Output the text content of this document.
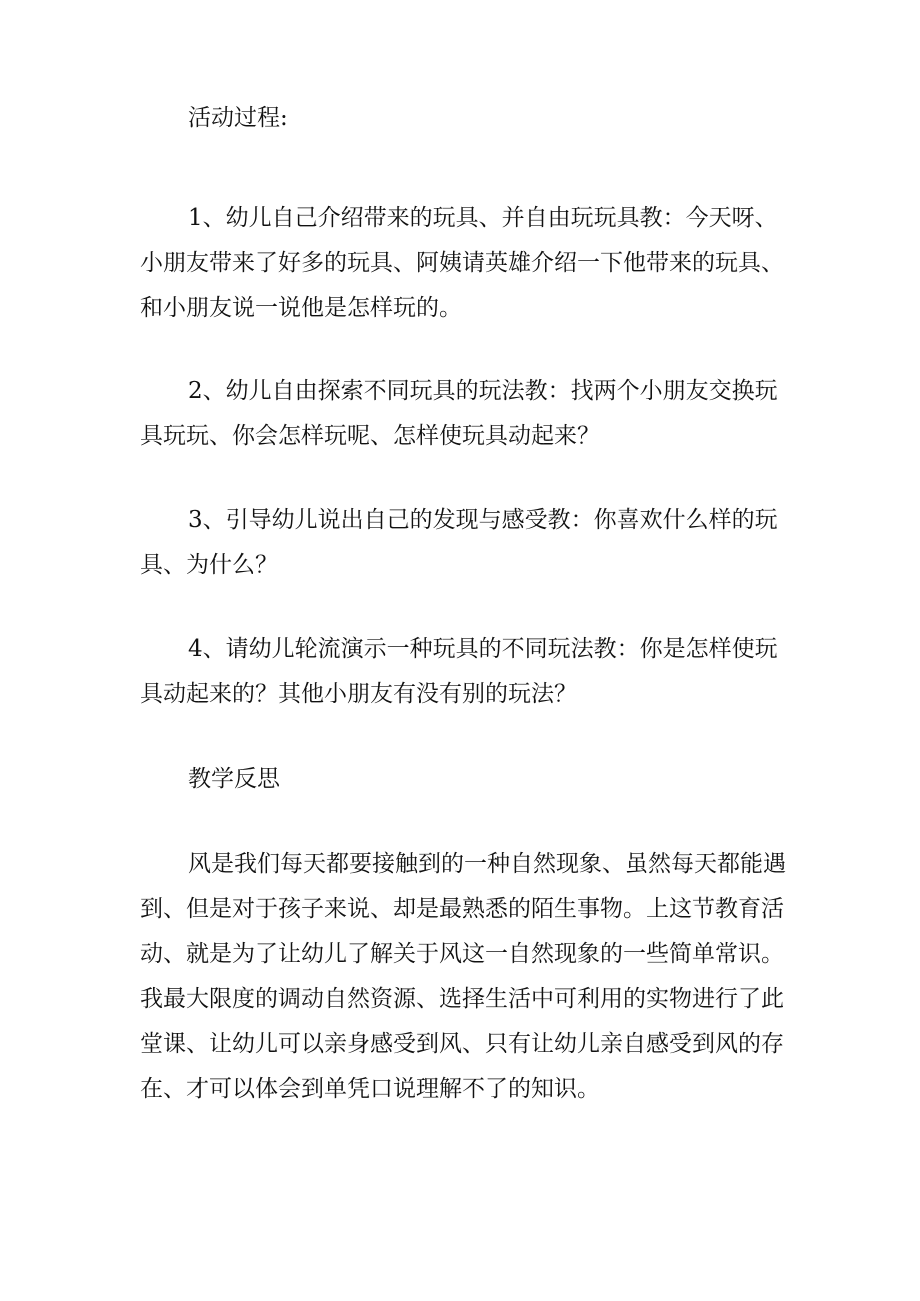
活动过程:

1、幼儿自己介绍带来的玩具、并自由玩玩具教：今天呀、
小朋友带来了好多的玩具、阿姨请英雄介绍一下他带来的玩具、
和小朋友说一说他是怎样玩的。

2、幼儿自由探索不同玩具的玩法教：找两个小朋友交换玩
具玩玩、你会怎样玩呢、怎样使玩具动起来？

3、引导幼儿说出自己的发现与感受教：你喜欢什么样的玩
具、为什么？

4、请幼儿轮流演示一种玩具的不同玩法教：你是怎样使玩
具动起来的？其他小朋友有没有别的玩法？

教学反思

风是我们每天都要接触到的一种自然现象、虽然每天都能遇
到、但是对于孩子来说、却是最熟悉的陌生事物。上这节教育活
动、就是为了让幼儿了解关于风这一自然现象的一些简单常识。
我最大限度的调动自然资源、选择生活中可利用的实物进行了此
堂课、让幼儿可以亲身感受到风、只有让幼儿亲自感受到风的存
在、才可以体会到单凭口说理解不了的知识。
